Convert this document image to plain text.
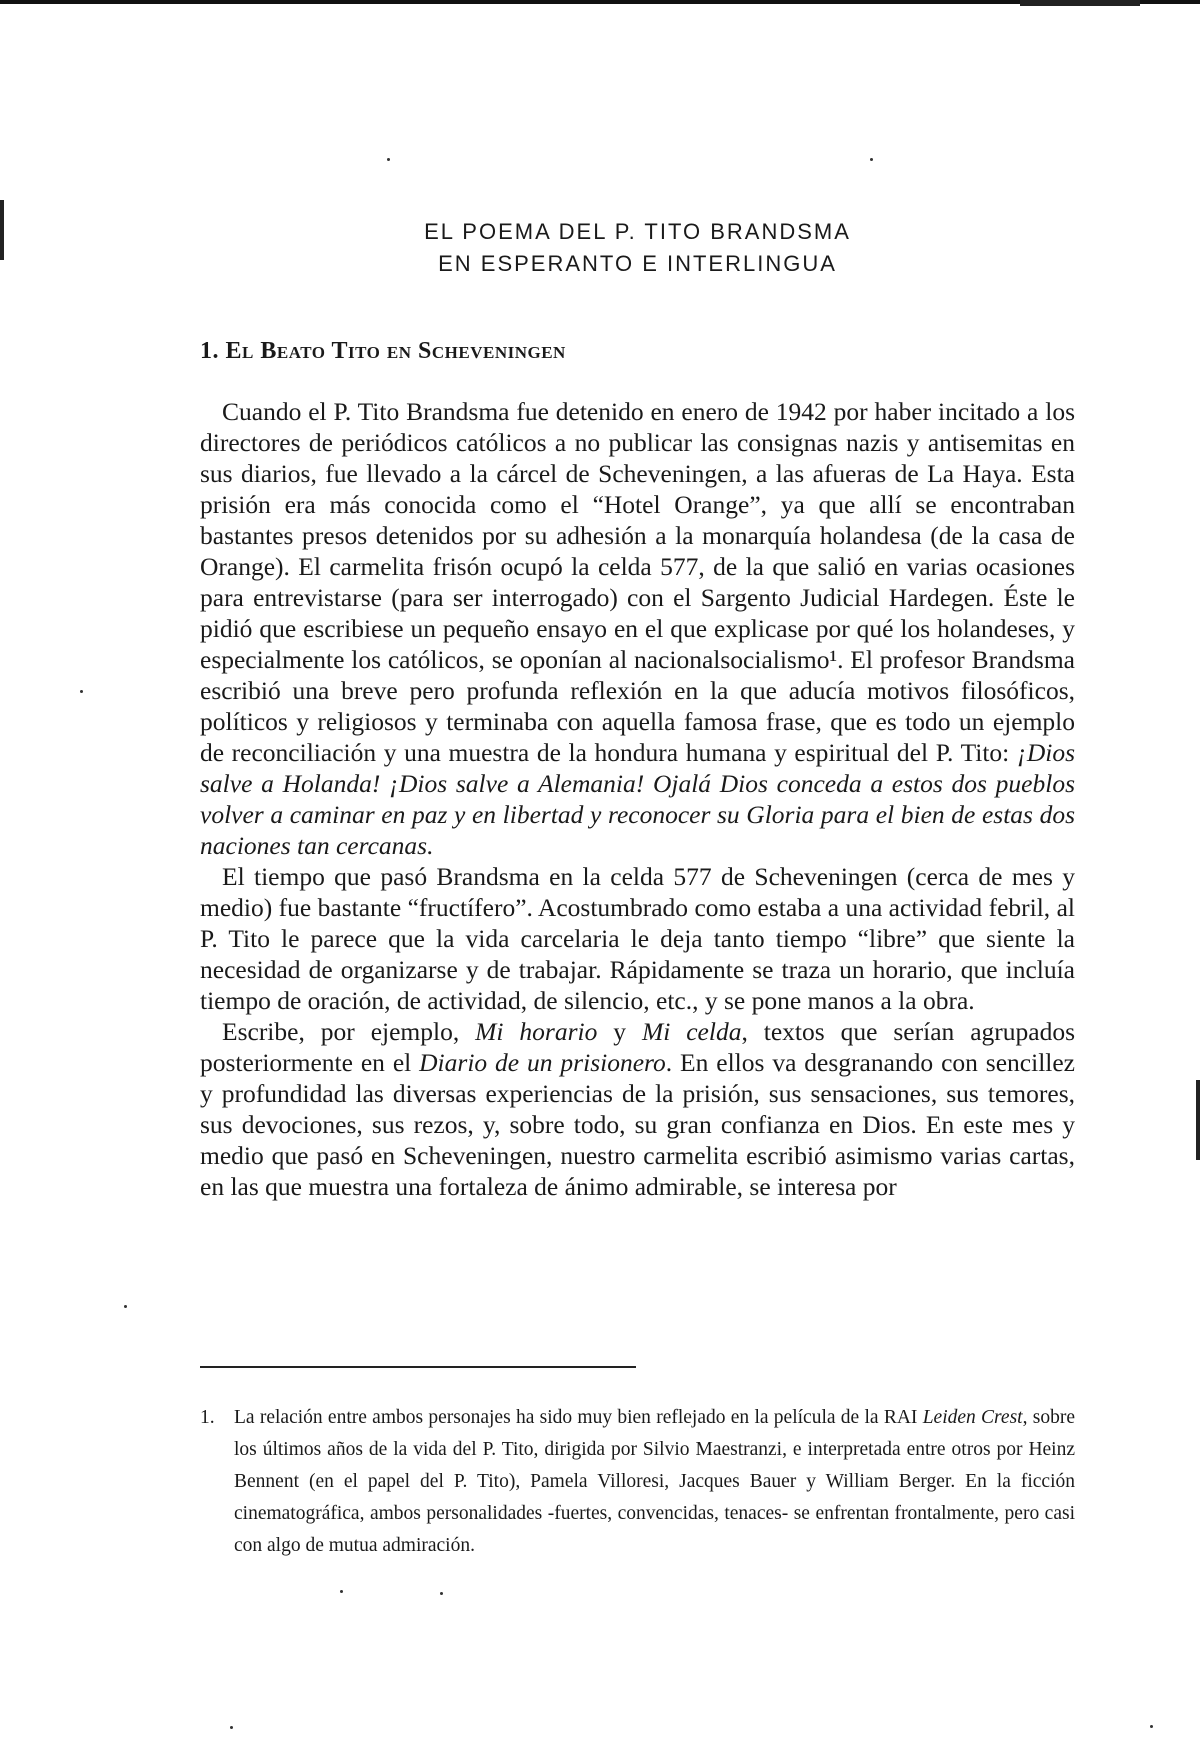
EL POEMA DEL P. TITO BRANDSMA
EN ESPERANTO E INTERLINGUA
1. El Beato Tito en Scheveningen

Cuando el P. Tito Brandsma fue detenido en enero de 1942 por haber incitado a los directores de periódicos católicos a no publicar las consignas nazis y antisemitas en sus diarios, fue llevado a la cárcel de Scheveningen, a las afueras de La Haya. Esta prisión era más conocida como el “Hotel Orange”, ya que allí se encontraban bastantes presos detenidos por su adhesión a la monarquía holandesa (de la casa de Orange). El carmelita frisón ocupó la celda 577, de la que salió en varias ocasiones para entrevistarse (para ser interrogado) con el Sargento Judicial Hardegen. Éste le pidió que escribiese un pequeño ensayo en el que explicase por qué los holandeses, y especialmente los católicos, se oponían al nacionalsocialismo¹. El profesor Brandsma escribió una breve pero profunda reflexión en la que aducía motivos filosóficos, políticos y religiosos y terminaba con aquella famosa frase, que es todo un ejemplo de reconciliación y una muestra de la hondura humana y espiritual del P. Tito: ¡Dios salve a Holanda! ¡Dios salve a Alemania! Ojalá Dios conceda a estos dos pueblos volver a caminar en paz y en libertad y reconocer su Gloria para el bien de estas dos naciones tan cercanas.

El tiempo que pasó Brandsma en la celda 577 de Scheveningen (cerca de mes y medio) fue bastante “fructífero”. Acostumbrado como estaba a una actividad febril, al P. Tito le parece que la vida carcelaria le deja tanto tiempo “libre” que siente la necesidad de organizarse y de trabajar. Rápidamente se traza un horario, que incluía tiempo de oración, de actividad, de silencio, etc., y se pone manos a la obra.

Escribe, por ejemplo, Mi horario y Mi celda, textos que serían agrupados posteriormente en el Diario de un prisionero. En ellos va desgranando con sencillez y profundidad las diversas experiencias de la prisión, sus sensaciones, sus temores, sus devociones, sus rezos, y, sobre todo, su gran confianza en Dios. En este mes y medio que pasó en Scheveningen, nuestro carmelita escribió asimismo varias cartas, en las que muestra una fortaleza de ánimo admirable, se interesa por

1. La relación entre ambos personajes ha sido muy bien reflejado en la película de la RAI Leiden Crest, sobre los últimos años de la vida del P. Tito, dirigida por Silvio Maestranzi, e interpretada entre otros por Heinz Bennent (en el papel del P. Tito), Pamela Villoresi, Jacques Bauer y William Berger. En la ficción cinematográfica, ambos personalidades -fuertes, convencidas, tenaces- se enfrentan frontalmente, pero casi con algo de mutua admiración.
